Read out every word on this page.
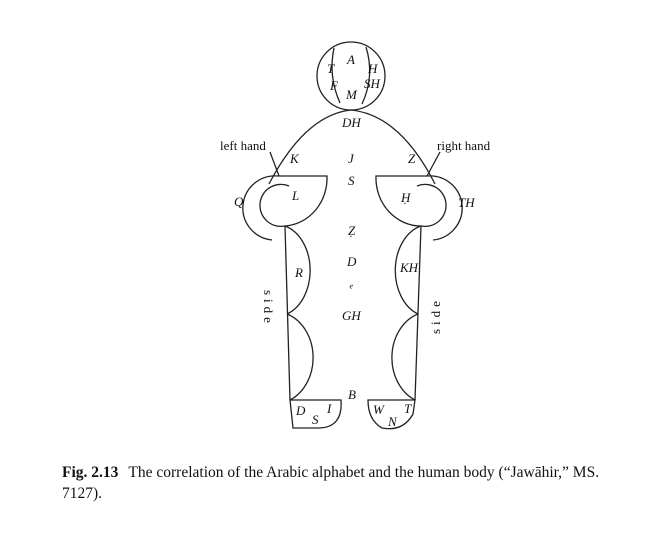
left hand	right hand
side	side
A
T
F
H
SH
M
DH
K	Z
J
S
Ẓ
D
ᵉ
GH
B
Q	L
R
Ḥ	TH
KH
D
S
I	W T
N
Fig. 2.13 The correlation of the Arabic alphabet and the human body (“Jawāhir,” MS. 7127).
